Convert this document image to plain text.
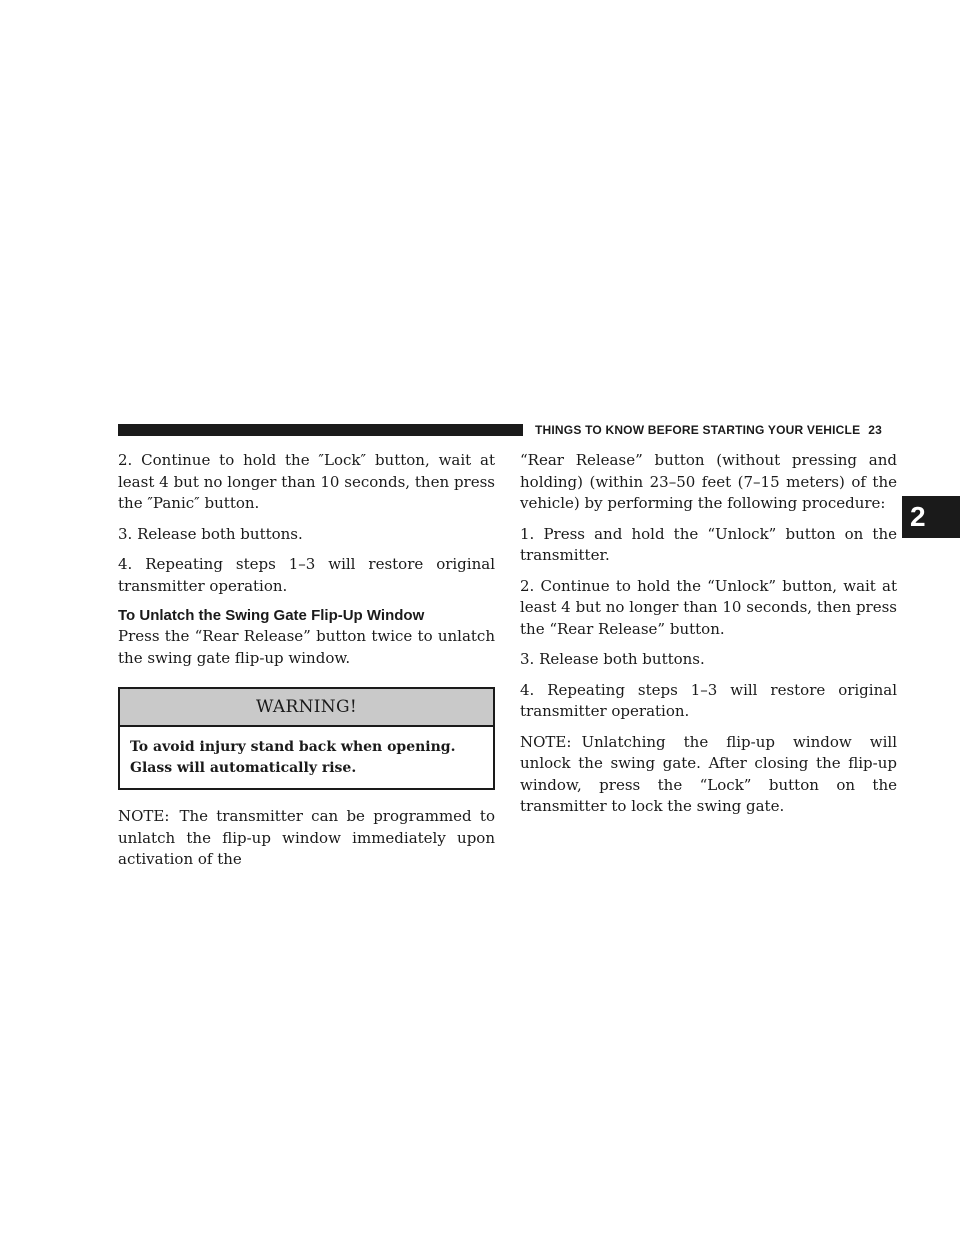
THINGS TO KNOW BEFORE STARTING YOUR VEHICLE 23
2

2. Continue to hold the ″Lock″ button, wait at least 4 but no longer than 10 seconds, then press the ″Panic″ button.

3. Release both buttons.

4. Repeating steps 1–3 will restore original transmitter operation.

To Unlatch the Swing Gate Flip-Up Window

Press the “Rear Release” button twice to unlatch the swing gate flip-up window.

WARNING!
To avoid injury stand back when opening. Glass will automatically rise.

NOTE: The transmitter can be programmed to unlatch the flip-up window immediately upon activation of the

“Rear Release” button (without pressing and holding) (within 23–50 feet (7–15 meters) of the vehicle) by performing the following procedure:

1. Press and hold the “Unlock” button on the transmitter.

2. Continue to hold the “Unlock” button, wait at least 4 but no longer than 10 seconds, then press the “Rear Release” button.

3. Release both buttons.

4. Repeating steps 1–3 will restore original transmitter operation.

NOTE: Unlatching the flip-up window will unlock the swing gate. After closing the flip-up window, press the “Lock” button on the transmitter to lock the swing gate.
